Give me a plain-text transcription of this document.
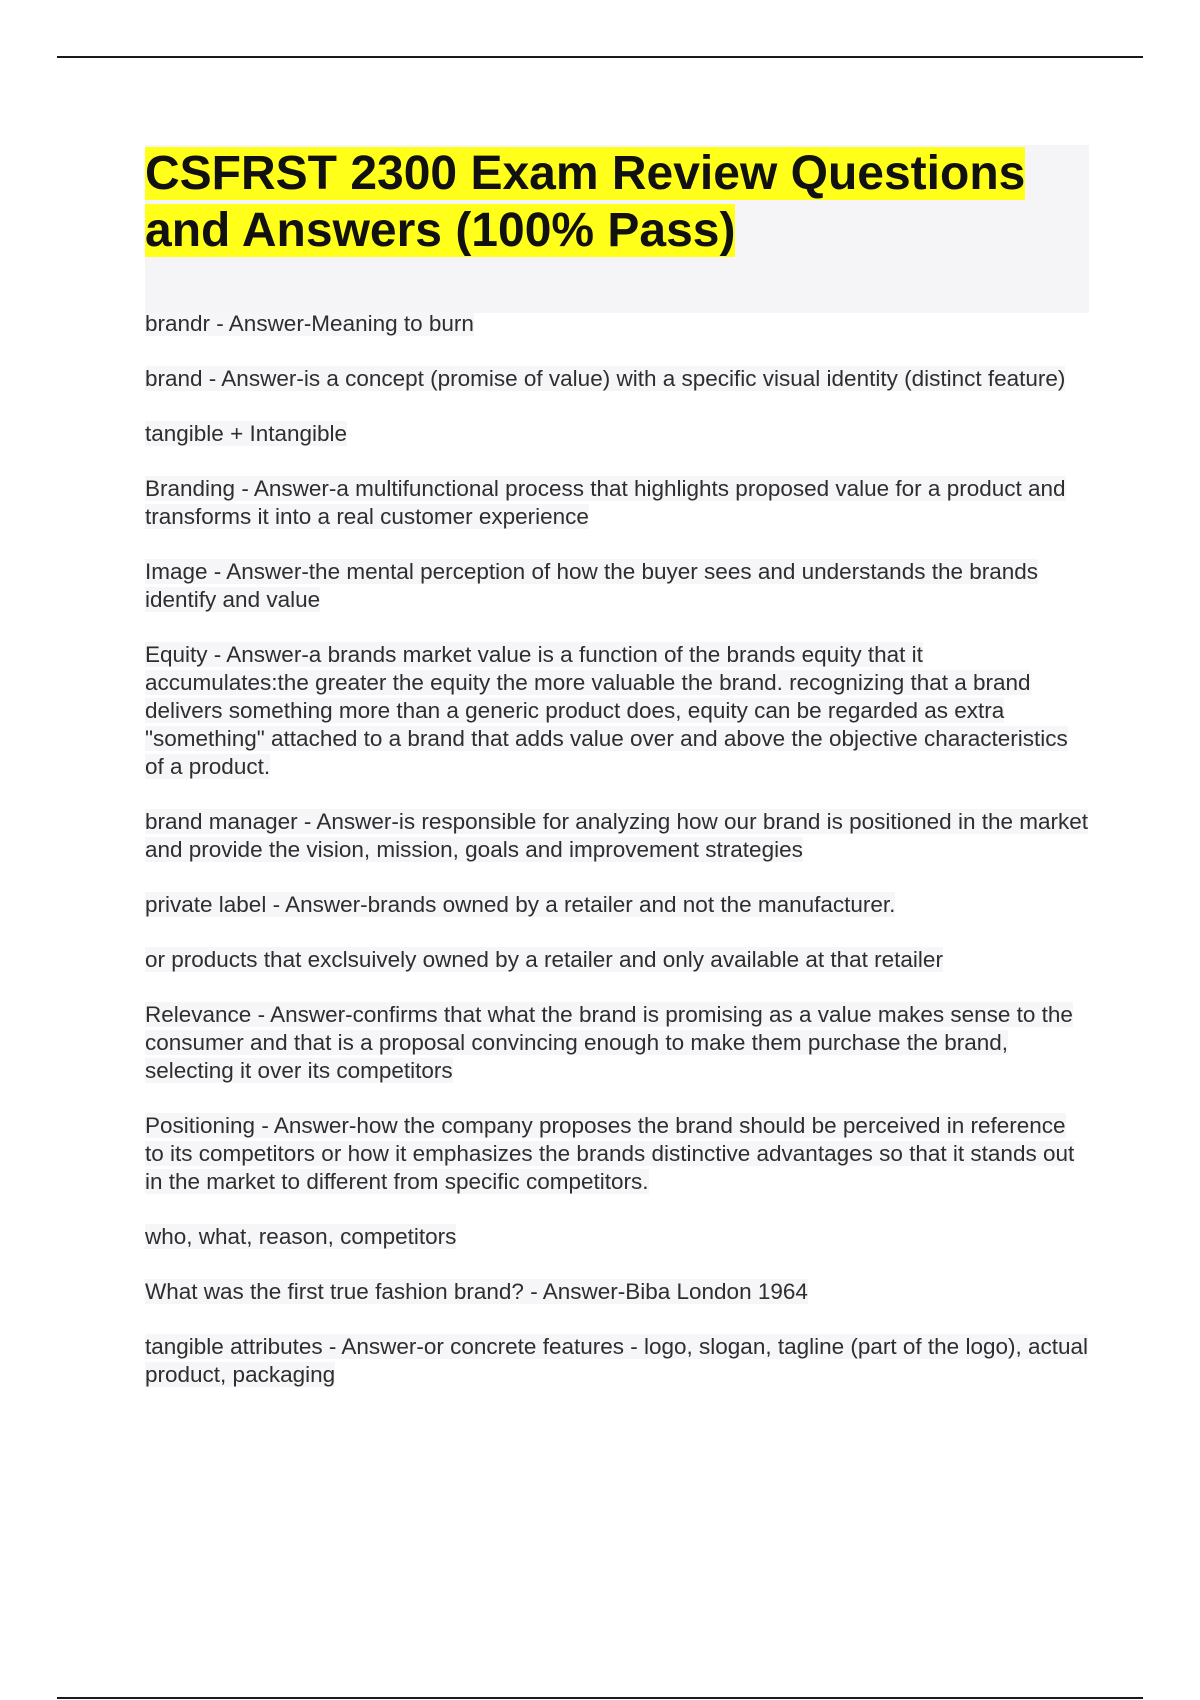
CSFRST 2300 Exam Review Questions and Answers (100% Pass)

brandr - Answer-Meaning to burn

brand - Answer-is a concept (promise of value) with a specific visual identity (distinct feature)

tangible + Intangible

Branding - Answer-a multifunctional process that highlights proposed value for a product and transforms it into a real customer experience

Image - Answer-the mental perception of how the buyer sees and understands the brands identify and value

Equity - Answer-a brands market value is a function of the brands equity that it accumulates:the greater the equity the more valuable the brand. recognizing that a brand delivers something more than a generic product does, equity can be regarded as extra "something" attached to a brand that adds value over and above the objective characteristics of a product.

brand manager - Answer-is responsible for analyzing how our brand is positioned in the market and provide the vision, mission, goals and improvement strategies

private label - Answer-brands owned by a retailer and not the manufacturer.

or products that exclsuively owned by a retailer and only available at that retailer

Relevance - Answer-confirms that what the brand is promising as a value makes sense to the consumer and that is a proposal convincing enough to make them purchase the brand, selecting it over its competitors

Positioning - Answer-how the company proposes the brand should be perceived in reference to its competitors or how it emphasizes the brands distinctive advantages so that it stands out in the market to different from specific competitors.

who, what, reason, competitors

What was the first true fashion brand? - Answer-Biba London 1964

tangible attributes - Answer-or concrete features - logo, slogan, tagline (part of the logo), actual product, packaging
